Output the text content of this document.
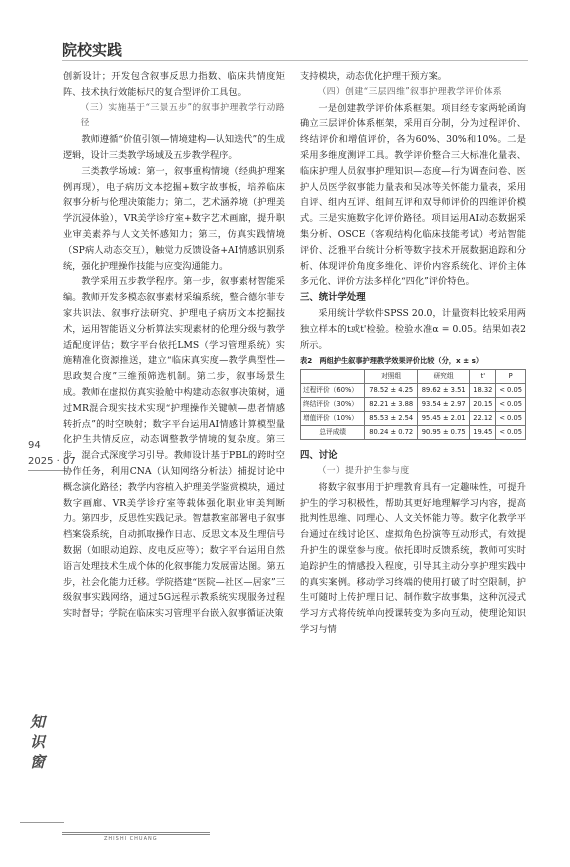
院校实践
94
2025 · 07
知识窗
ZHISHI CHUANG

创新设计；开发包含叙事反思力指数、临床共情度矩阵、技术执行效能标尺的复合型评价工具包。

（三）实施基于“三景五步”的叙事护理教学行动路径

教师遵循“价值引领—情境建构—认知迭代”的生成逻辑，设计三类教学场域及五步教学程序。

三类教学场域：第一，叙事重构情境（经典护理案例再现），电子病历文本挖掘+数字故事板，培养临床叙事分析与伦理决策能力；第二，艺术涵养境（护理美学沉浸体验），VR美学诊疗室+数字艺术画廊，提升职业审美素养与人文关怀感知力；第三，仿真实践情境（SP病人动态交互），触觉力反馈设备+AI情感识别系统，强化护理操作技能与应变沟通能力。

教学采用五步教学程序。第一步，叙事素材智能采编。教师开发多模态叙事素材采编系统，整合德尔菲专家共识法、叙事疗法研究、护理电子病历文本挖掘技术，运用智能语义分析算法实现素材的伦理分级与教学适配度评估；数字平台依托LMS（学习管理系统）实施精准化资源推送，建立“临床真实度—教学典型性—思政契合度”三维预筛选机制。第二步，叙事场景生成。教师在虚拟仿真实验舱中构建动态叙事决策树，通过MR混合现实技术实现“护理操作关键帧—患者情感转折点”的时空映射；数字平台运用AI情感计算模型量化护生共情反应，动态调整教学情境的复杂度。第三步，混合式深度学习引导。教师设计基于PBL的跨时空协作任务，利用CNA（认知网络分析法）捕捉讨论中概念演化路径；教学内容植入护理美学鉴赏模块，通过数字画廊、VR美学诊疗室等载体强化职业审美判断力。第四步，反思性实践记录。智慧教室部署电子叙事档案袋系统，自动抓取操作日志、反思文本及生理信号数据（如眼动追踪、皮电反应等）；数字平台运用自然语言处理技术生成个体的化叙事能力发展雷达图。第五步，社会化能力迁移。学院搭建“医院—社区—居家”三级叙事实践网络，通过5G远程示教系统实现服务过程实时督导；学院在临床实习管理平台嵌入叙事循证决策

支持模块，动态优化护理干预方案。

（四）创建“三层四维”叙事护理教学评价体系

一是创建教学评价体系框架。项目经专家两轮函询确立三层评价体系框架，采用百分制，分为过程评价、终结评价和增值评价，各为60%、30%和10%。二是采用多维度测评工具。教学评价整合三大标准化量表、临床护理人员叙事护理知识—态度—行为调查问卷、医护人员医学叙事能力量表和吴冰等关怀能力量表，采用自评、组内互评、组间互评和双导师评价的四维评价模式。三是实施数字化评价路径。项目运用AI动态数据采集分析、OSCE（客观结构化临床技能考试）考站智能评价、泛雅平台统计分析等数字技术开展数据追踪和分析、体现评价角度多维化、评价内容系统化、评价主体多元化、评价方法多样化“四化”评价特色。

三、统计学处理

采用统计学软件SPSS 20.0，计量资料比较采用两独立样本的t或t'检验。检验水准α = 0.05。结果如表2所示。

表2　两组护生叙事护理教学效果评价比较（分，x ± s）

	对照组	研究组	t'	P
过程评价（60%）	78.52 ± 4.25	89.62 ± 3.51	18.32	< 0.05
终结评价（30%）	82.21 ± 3.88	93.54 ± 2.97	20.15	< 0.05
增值评价（10%）	85.53 ± 2.54	95.45 ± 2.01	22.12	< 0.05
总评成绩	80.24 ± 0.72	90.95 ± 0.75	19.45	< 0.05

四、讨论

（一）提升护生参与度

将数字叙事用于护理教育具有一定趣味性，可提升护生的学习积极性，帮助其更好地理解学习内容，提高批判性思维、同理心、人文关怀能力等。数字化教学平台通过在线讨论区、虚拟角色扮演等互动形式，有效提升护生的课堂参与度。依托即时反馈系统，教师可实时追踪护生的情感投入程度，引导其主动分享护理实践中的真实案例。移动学习终端的使用打破了时空限制，护生可随时上传护理日记、制作数字故事集，这种沉浸式学习方式将传统单向授课转变为多向互动，使理论知识学习与情
